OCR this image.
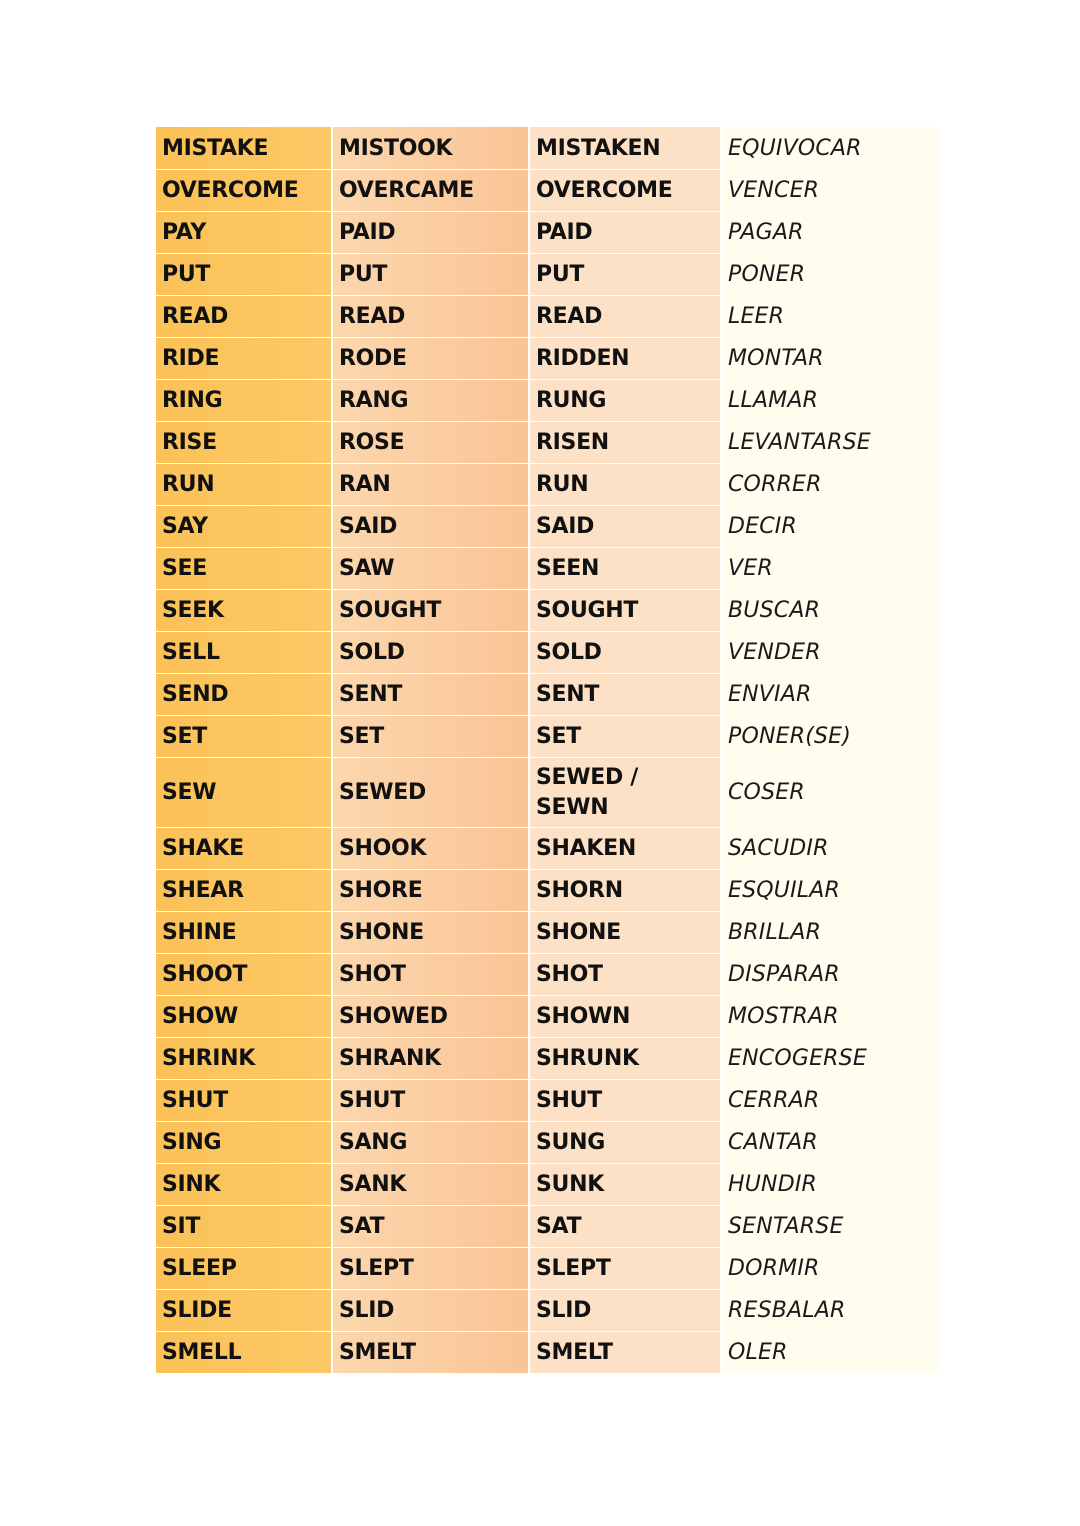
MISTAKE	MISTOOK	MISTAKEN	EQUIVOCAR
OVERCOME	OVERCAME	OVERCOME	VENCER
PAY	PAID	PAID	PAGAR
PUT	PUT	PUT	PONER
READ	READ	READ	LEER
RIDE	RODE	RIDDEN	MONTAR
RING	RANG	RUNG	LLAMAR
RISE	ROSE	RISEN	LEVANTARSE
RUN	RAN	RUN	CORRER
SAY	SAID	SAID	DECIR
SEE	SAW	SEEN	VER
SEEK	SOUGHT	SOUGHT	BUSCAR
SELL	SOLD	SOLD	VENDER
SEND	SENT	SENT	ENVIAR
SET	SET	SET	PONER(SE)
SEW	SEWED	SEWED / SEWN	COSER
SHAKE	SHOOK	SHAKEN	SACUDIR
SHEAR	SHORE	SHORN	ESQUILAR
SHINE	SHONE	SHONE	BRILLAR
SHOOT	SHOT	SHOT	DISPARAR
SHOW	SHOWED	SHOWN	MOSTRAR
SHRINK	SHRANK	SHRUNK	ENCOGERSE
SHUT	SHUT	SHUT	CERRAR
SING	SANG	SUNG	CANTAR
SINK	SANK	SUNK	HUNDIR
SIT	SAT	SAT	SENTARSE
SLEEP	SLEPT	SLEPT	DORMIR
SLIDE	SLID	SLID	RESBALAR
SMELL	SMELT	SMELT	OLER
